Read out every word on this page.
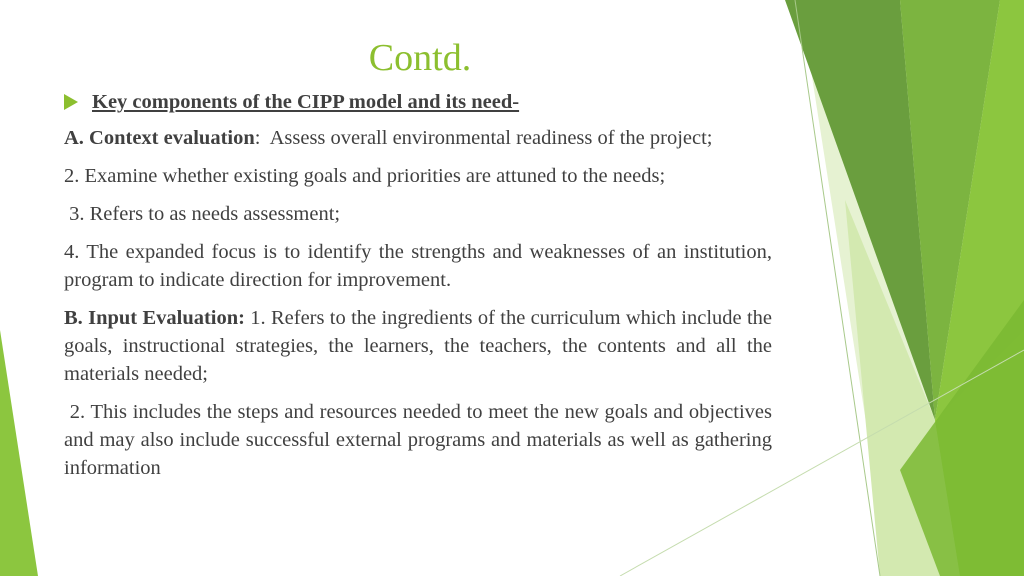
Contd.
Key components of the CIPP model and its need-

A. Context evaluation:  Assess overall environmental readiness of the project;

2. Examine whether existing goals and priorities are attuned to the needs;

3. Refers to as needs assessment;

4. The expanded focus is to identify the strengths and weaknesses of an institution, program to indicate direction for improvement.

B. Input Evaluation: 1. Refers to the ingredients of the curriculum which include the goals, instructional strategies, the learners, the teachers, the contents and all the materials needed;

2. This includes the steps and resources needed to meet the new goals and objectives and may also include successful external programs and materials as well as gathering information
